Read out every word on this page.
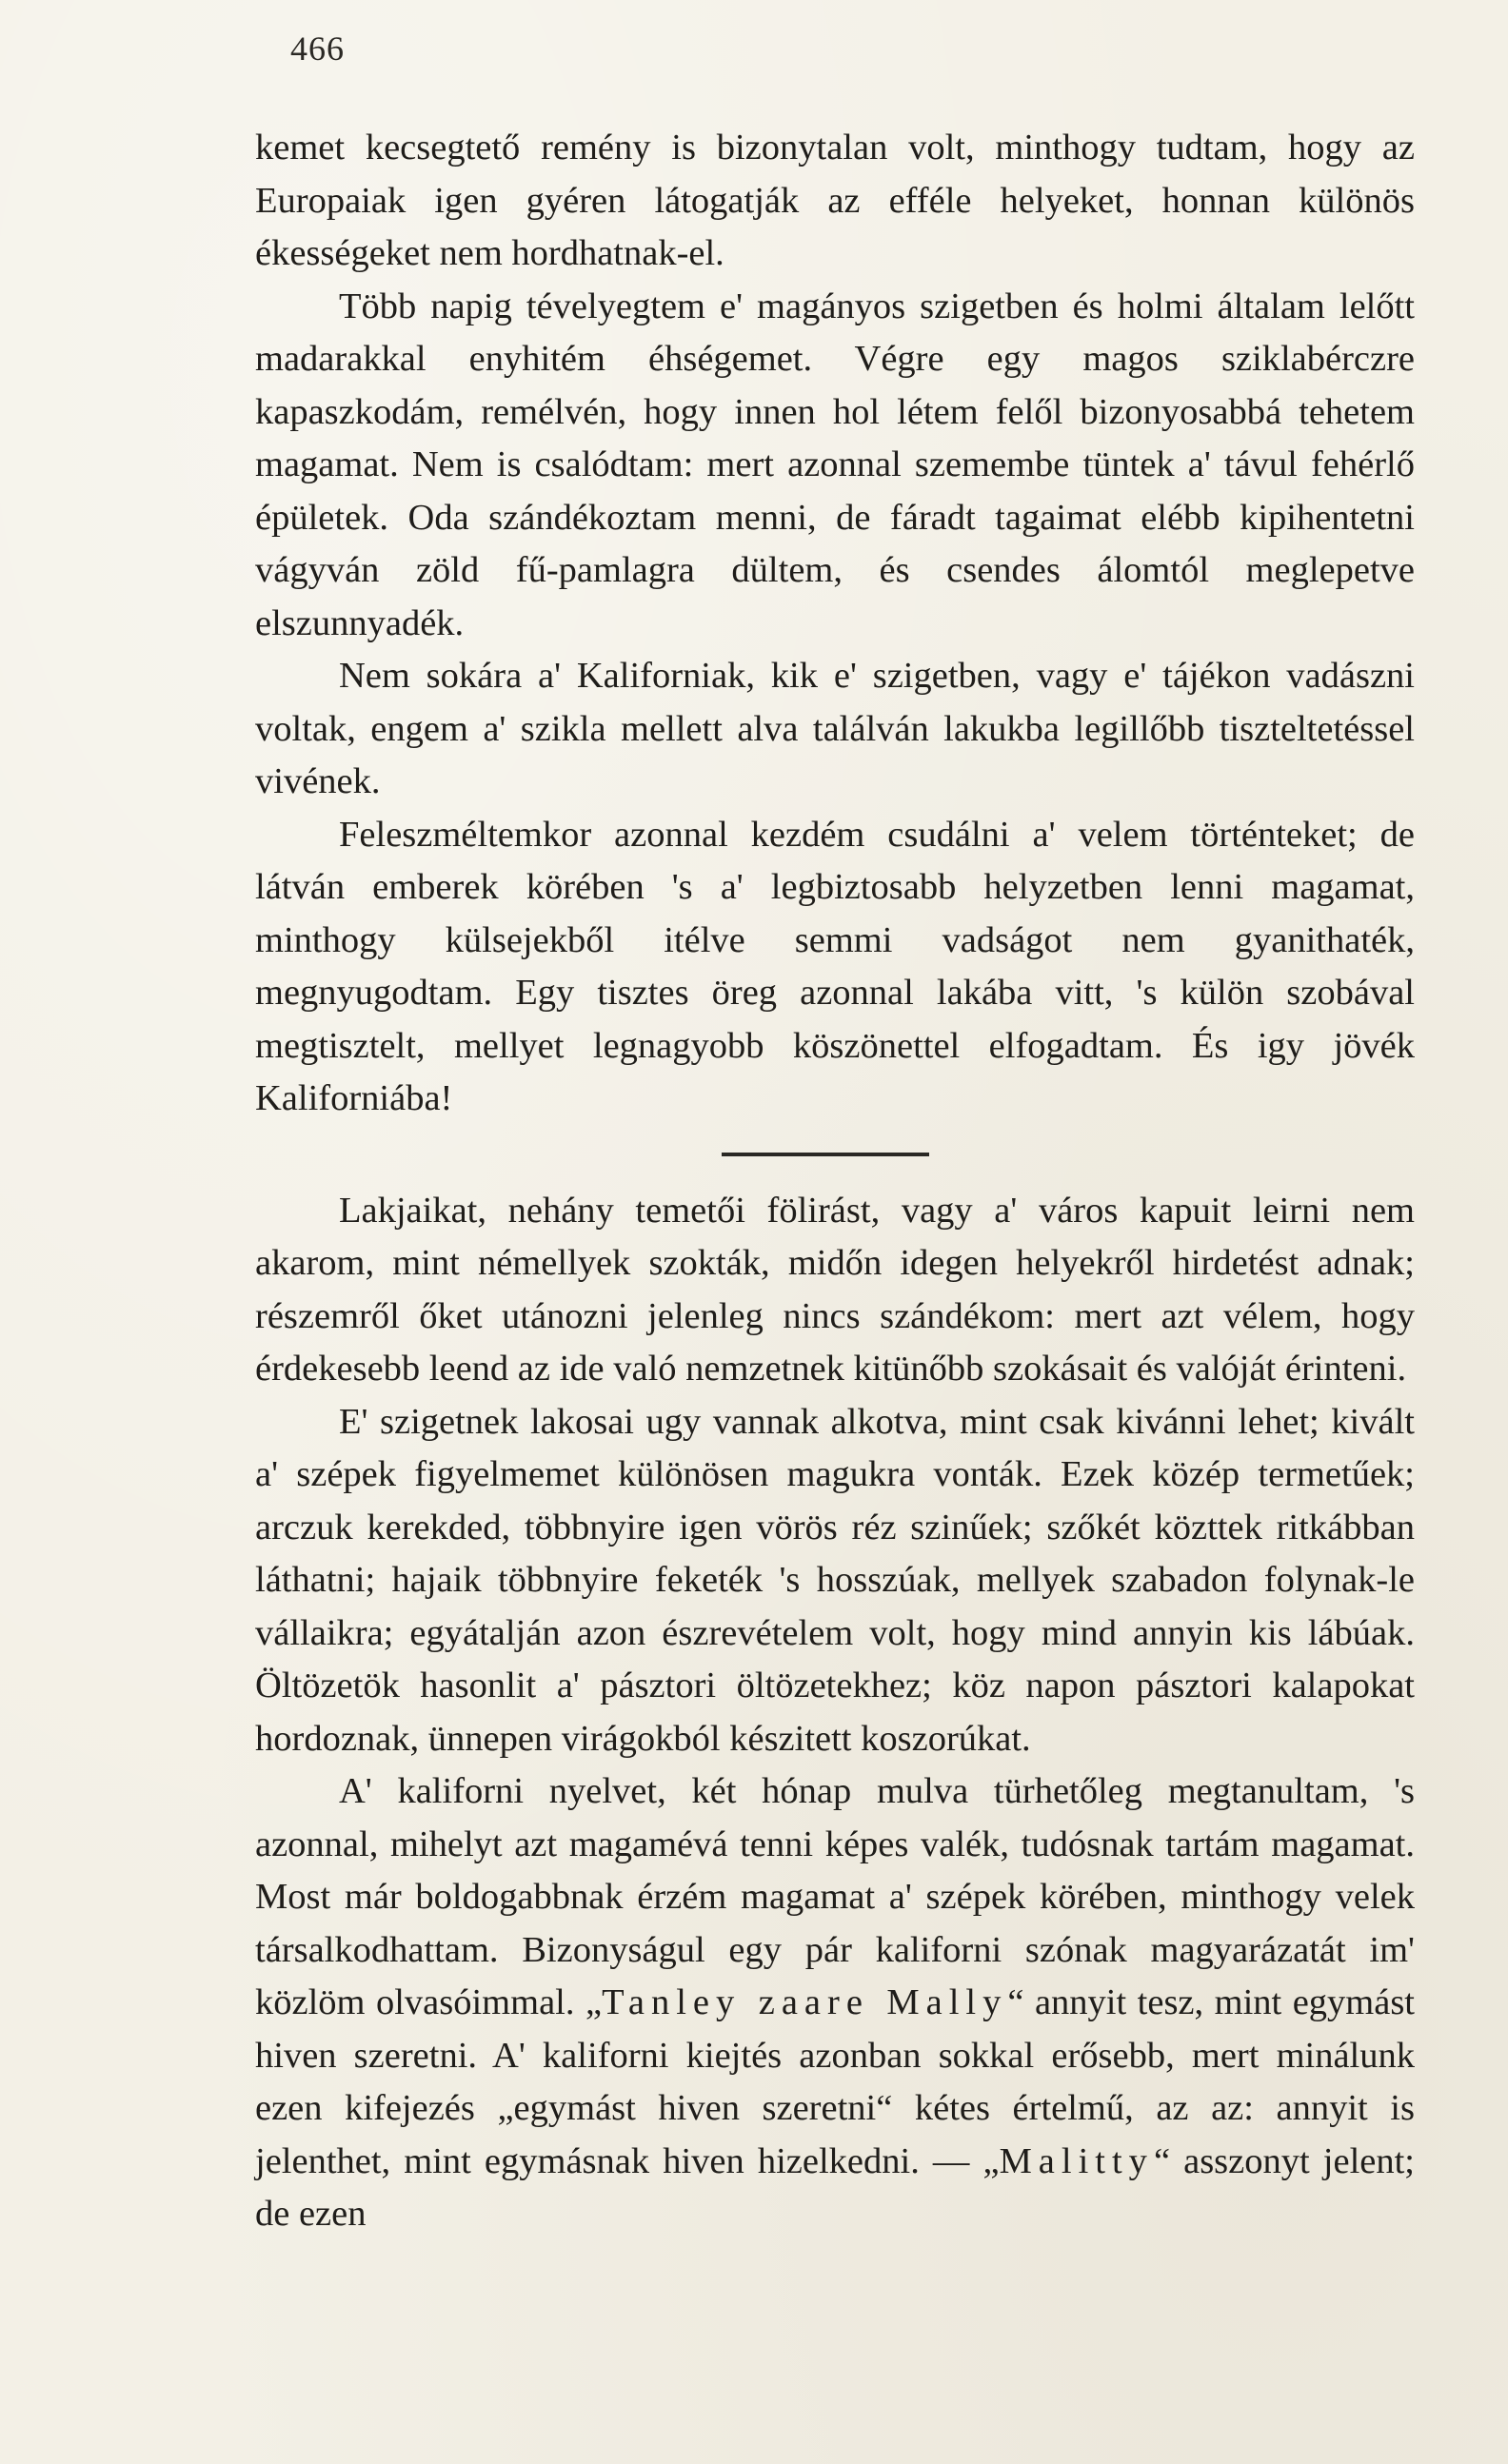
466

kemet kecsegtető remény is bizonytalan volt, minthogy tudtam, hogy az Europaiak igen gyéren látogatják az efféle helyeket, honnan különös ékességeket nem hordhatnak-el.

Több napig tévelyegtem e' magányos szigetben és holmi általam lelőtt madarakkal enyhitém éhségemet. Végre egy magos sziklabérczre kapaszkodám, remélvén, hogy innen hol létem felől bizonyosabbá tehetem magamat. Nem is csalódtam: mert azonnal szemembe tüntek a' távul fehérlő épületek. Oda szándékoztam menni, de fáradt tagaimat elébb kipihentetni vágyván zöld fű-pamlagra dültem, és csendes álomtól meglepetve elszunnyadék.

Nem sokára a' Kaliforniak, kik e' szigetben, vagy e' tájékon vadászni voltak, engem a' szikla mellett alva találván lakukba legillőbb tiszteltetéssel vivének.

Feleszméltemkor azonnal kezdém csudálni a' velem történteket; de látván emberek körében 's a' legbiztosabb helyzetben lenni magamat, minthogy külsejekből itélve semmi vadságot nem gyanithaték, megnyugodtam. Egy tisztes öreg azonnal lakába vitt, 's külön szobával megtisztelt, mellyet legnagyobb köszönettel elfogadtam. És igy jövék Kaliforniába!

Lakjaikat, nehány temetői fölirást, vagy a' város kapuit leirni nem akarom, mint némellyek szokták, midőn idegen helyekről hirdetést adnak; részemről őket utánozni jelenleg nincs szándékom: mert azt vélem, hogy érdekesebb leend az ide való nemzetnek kitünőbb szokásait és valóját érinteni.

E' szigetnek lakosai ugy vannak alkotva, mint csak kivánni lehet; kivált a' szépek figyelmemet különösen magukra vonták. Ezek közép termetűek; arczuk kerekded, többnyire igen vörös réz szinűek; szőkét közttek ritkábban láthatni; hajaik többnyire feketék 's hosszúak, mellyek szabadon folynak-le vállaikra; egyátalján azon észrevételem volt, hogy mind annyin kis lábúak. Öltözetök hasonlit a' pásztori öltözetekhez; köz napon pásztori kalapokat hordoznak, ünnepen virágokból készitett koszorúkat.

A' kaliforni nyelvet, két hónap mulva türhetőleg megtanultam, 's azonnal, mihelyt azt magamévá tenni képes valék, tudósnak tartám magamat. Most már boldogabbnak érzém magamat a' szépek körében, minthogy velek társalkodhattam. Bizonyságul egy pár kaliforni szónak magyarázatát im' közlöm olvasóimmal. „Tanley zaare Mally“ annyit tesz, mint egymást hiven szeretni. A' kaliforni kiejtés azonban sokkal erősebb, mert minálunk ezen kifejezés „egymást hiven szeretni“ kétes értelmű, az az: annyit is jelenthet, mint egymásnak hiven hizelkedni. — „Malitty“ asszonyt jelent; de ezen
